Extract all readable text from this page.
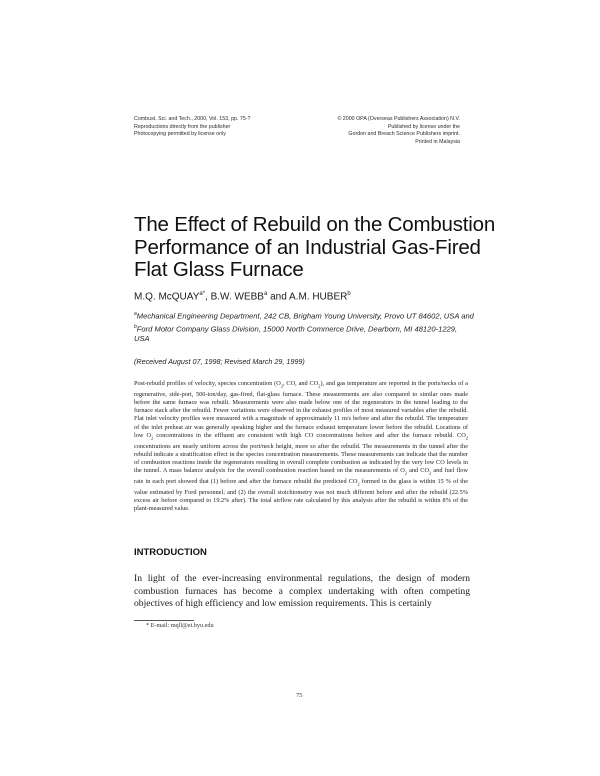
Combust. Sci. and Tech., 2000, Vol. 153, pp. 75-?
Reproductions directly from the publisher
Photocopying permitted by license only
© 2000 OPA (Overseas Publishers Association) N.V.
Published by license under the
Gordon and Breach Science Publishers imprint.
Printed in Malaysia
The Effect of Rebuild on the Combustion
Performance of an Industrial Gas-Fired
Flat Glass Furnace
M.Q. McQUAY$^{a*}$, B.W. WEBB$^a$ and A.M. HUBER$^b$
$^a$Mechanical Engineering Department, 242 CB, Brigham Young University, Provo UT 84602, USA and $^b$Ford Motor Company Glass Division, 15000 North Commerce Drive, Dearborn, MI 48120-1229, USA
(Received August 07, 1998; Revised March 29, 1999)
Post-rebuild profiles of velocity, species concentration ($O_2$, CO, and $CO_2$), and gas temperature are reported in the ports/necks of a regenerative, side-port, 500-ton/day, gas-fired, flat-glass furnace. These measurements are also compared to similar ones made before the same furnace was rebuilt. Measurements were also made below one of the regenerators in the tunnel leading to the furnace stack after the rebuild. Fewer variations were observed in the exhaust profiles of most measured variables after the rebuild. Flat inlet velocity profiles were measured with a magnitude of approximately 11 m/s before and after the rebuild. The temperature of the inlet preheat air was generally speaking higher and the furnace exhaust temperature lower before the rebuild. Locations of low $O_2$ concentrations in the effluent are consistent with high CO concentrations before and after the furnace rebuild. $CO_2$ concentrations are nearly uniform across the port/neck height, more so after the rebuild. The measurements in the tunnel after the rebuild indicate a stratification effect in the species concentration measurements. These measurements can indicate that the number of combustion reactions inside the regenerators resulting in overall complete combustion as indicated by the very low CO levels in the tunnel. A mass balance analysis for the overall combustion reaction based on the measurements of $O_2$ and $CO_2$ and fuel flow rate in each port showed that (1) before and after the furnace rebuild the predicted $CO_2$ formed in the glass is within 15 % of the value estimated by Ford personnel; and (2) the overall stoichiometry was not much different before and after the rebuild (22.5% excess air before compared to 19.2% after). The total airflow rate calculated by this analysis after the rebuild is within 8% of the plant-measured value.
INTRODUCTION
In light of the ever-increasing environmental regulations, the design of modern combustion furnaces has become a complex undertaking with often competing objectives of high efficiency and low emission requirements. This is certainly
* E-mail: mqll@et.byu.edu
75
